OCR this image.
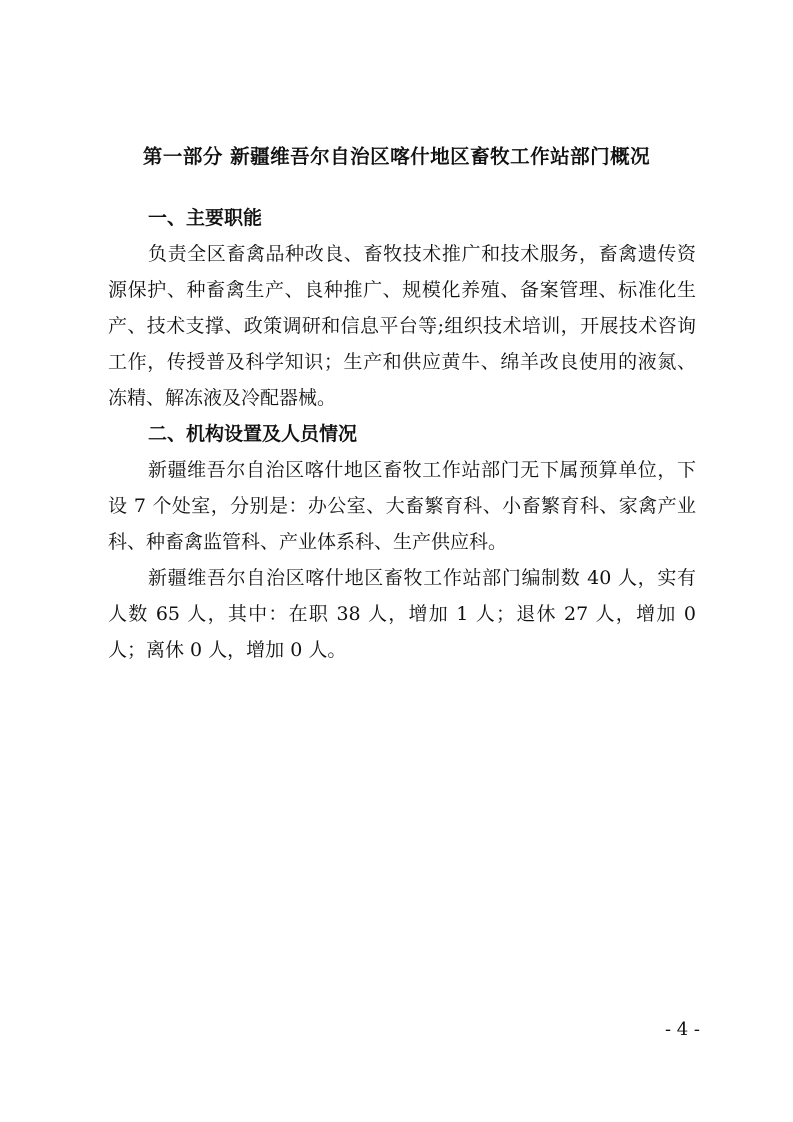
第一部分 新疆维吾尔自治区喀什地区畜牧工作站部门概况

一、主要职能

负责全区畜禽品种改良、畜牧技术推广和技术服务，畜禽遗传资源保护、种畜禽生产、良种推广、规模化养殖、备案管理、标准化生产、技术支撑、政策调研和信息平台等;组织技术培训，开展技术咨询工作，传授普及科学知识；生产和供应黄牛、绵羊改良使用的液氮、冻精、解冻液及冷配器械。

二、机构设置及人员情况

新疆维吾尔自治区喀什地区畜牧工作站部门无下属预算单位，下设 7 个处室，分别是：办公室、大畜繁育科、小畜繁育科、家禽产业科、种畜禽监管科、产业体系科、生产供应科。

新疆维吾尔自治区喀什地区畜牧工作站部门编制数 40 人，实有人数 65 人，其中：在职 38 人，增加 1 人；退休 27 人，增加 0 人；离休 0 人，增加 0 人。

- 4 -
